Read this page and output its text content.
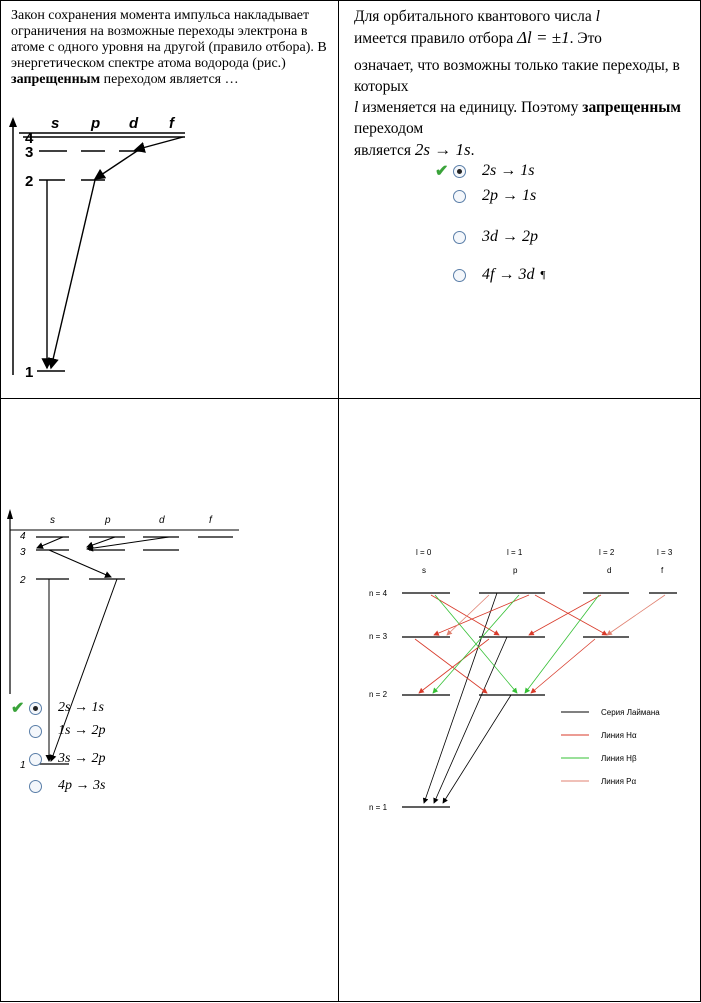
Закон сохранения момента импульса накладывает ограничения на возможные переходы электрона в атоме с одного уровня на другой (правило отбора). В энергетическом спектре атома водорода (рис.) запрещенным переходом является …
s p d f
4
3
2
1
Для орбитального квантового числа l
имеется правило отбора Δl = ±1. Это
означает, что возможны только такие переходы, в которых l изменяется на единицу. Поэтому запрещенным переходом
является 2s → 1s.
✔ 2s → 1s
2p → 1s
3d → 2p
4f → 3d ¶
s	p	d	f
4
3
2
1
✔	2s → 1s
1s → 2p
3s → 2p
4p → 3s
l = 0	l = 1	l = 2	l = 3
s	p	d	f
n = 4
n = 3
n = 2
n = 1
Серия Лаймана
Линия Hα
Линия Hβ
Линия Pα
